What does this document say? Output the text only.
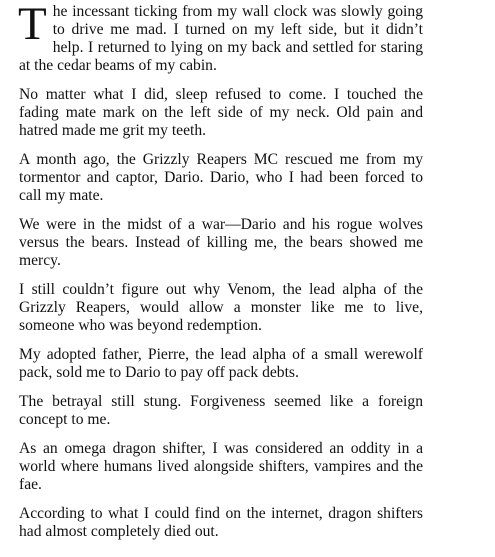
The incessant ticking from my wall clock was slowly going to drive me mad. I turned on my left side, but it didn’t help. I returned to lying on my back and settled for staring at the cedar beams of my cabin.

No matter what I did, sleep refused to come. I touched the fading mate mark on the left side of my neck. Old pain and hatred made me grit my teeth.

A month ago, the Grizzly Reapers MC rescued me from my tormentor and captor, Dario. Dario, who I had been forced to call my mate.

We were in the midst of a war—Dario and his rogue wolves versus the bears. Instead of killing me, the bears showed me mercy.

I still couldn’t figure out why Venom, the lead alpha of the Grizzly Reapers, would allow a monster like me to live, someone who was beyond redemption.

My adopted father, Pierre, the lead alpha of a small werewolf pack, sold me to Dario to pay off pack debts.

The betrayal still stung. Forgiveness seemed like a foreign concept to me.

As an omega dragon shifter, I was considered an oddity in a world where humans lived alongside shifters, vampires and the fae.

According to what I could find on the internet, dragon shifters had almost completely died out.
